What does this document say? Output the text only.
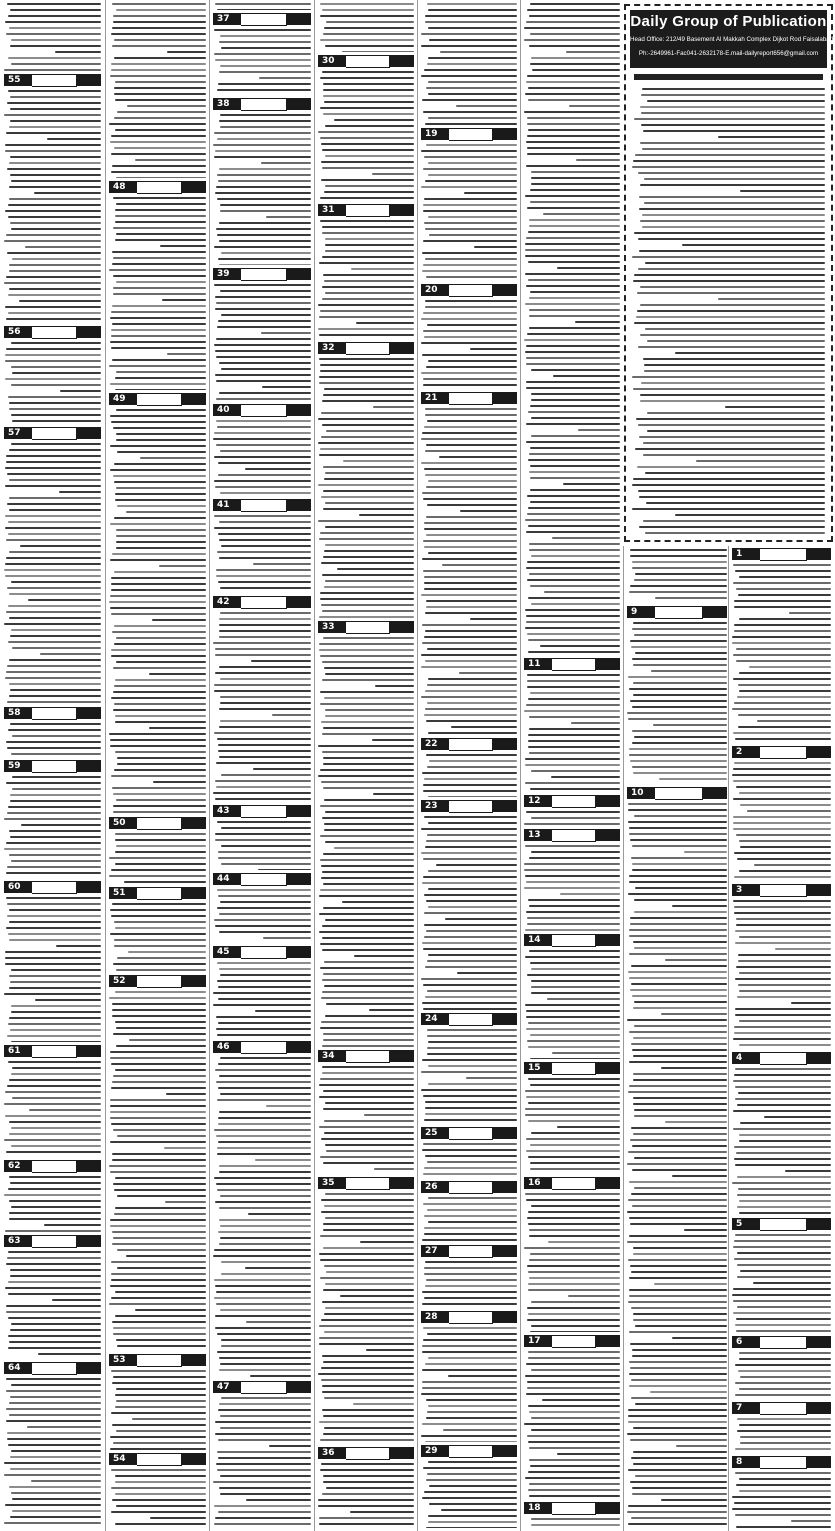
55
56
57
58
59
60
61
62
63
64
48
49
50
51
52
53
54
37
38
39
40
41
42
43
44
45
46
47
30
31
32
33
34
35
36
19
20
21
22
23
24
25
26
27
28
29
11
12
13
14
15
16
17
18
9
10
1
2
3
4
5
6
7
8
Daily Group of Publication
Head Office: 212/49 Basement Al Makkah Complex Dijkot Rod Faisalabad
Ph:-2649961-Fac041-2632178-E.mail-dailyreport656@gmail.com
